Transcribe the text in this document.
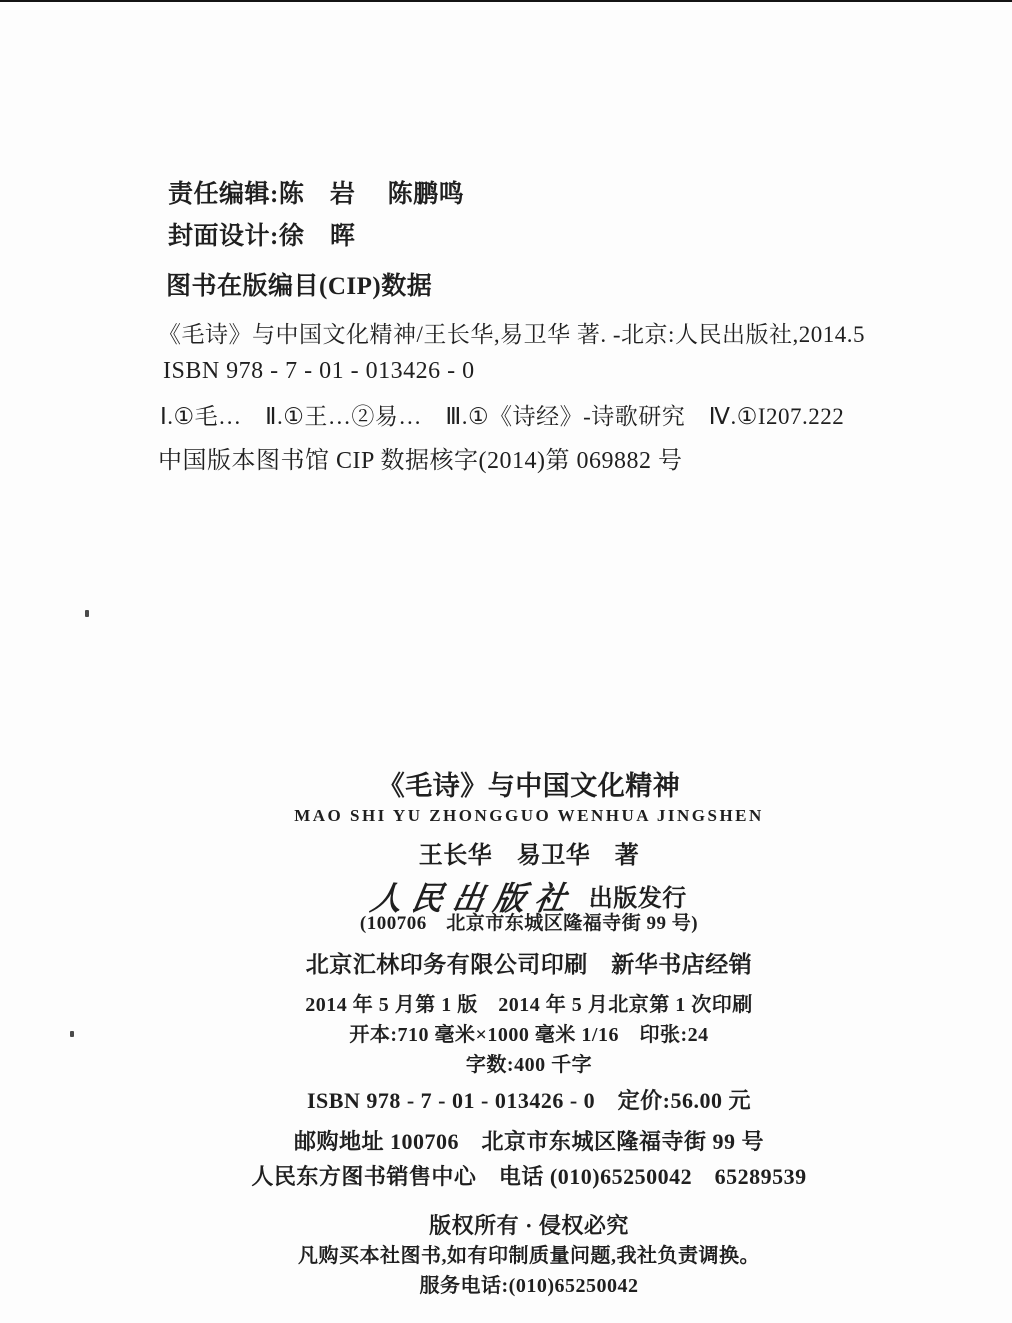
责任编辑:陈　岩　 陈鹏鸣
封面设计:徐　晖
图书在版编目(CIP)数据
《毛诗》与中国文化精神/王长华,易卫华 著. -北京:人民出版社,2014.5
ISBN 978 - 7 - 01 - 013426 - 0
Ⅰ.①毛…　Ⅱ.①王…②易…　Ⅲ.①《诗经》-诗歌研究　Ⅳ.①I207.222
中国版本图书馆 CIP 数据核字(2014)第 069882 号
《毛诗》与中国文化精神
MAO SHI YU ZHONGGUO WENHUA JINGSHEN
王长华　易卫华　著
人民出版社 出版发行
(100706　北京市东城区隆福寺街 99 号)
北京汇林印务有限公司印刷　新华书店经销
2014 年 5 月第 1 版　2014 年 5 月北京第 1 次印刷
开本:710 毫米×1000 毫米 1/16　印张:24
字数:400 千字
ISBN 978 - 7 - 01 - 013426 - 0　定价:56.00 元
邮购地址 100706　北京市东城区隆福寺街 99 号
人民东方图书销售中心　电话 (010)65250042　65289539
版权所有 · 侵权必究
凡购买本社图书,如有印制质量问题,我社负责调换。
服务电话:(010)65250042
